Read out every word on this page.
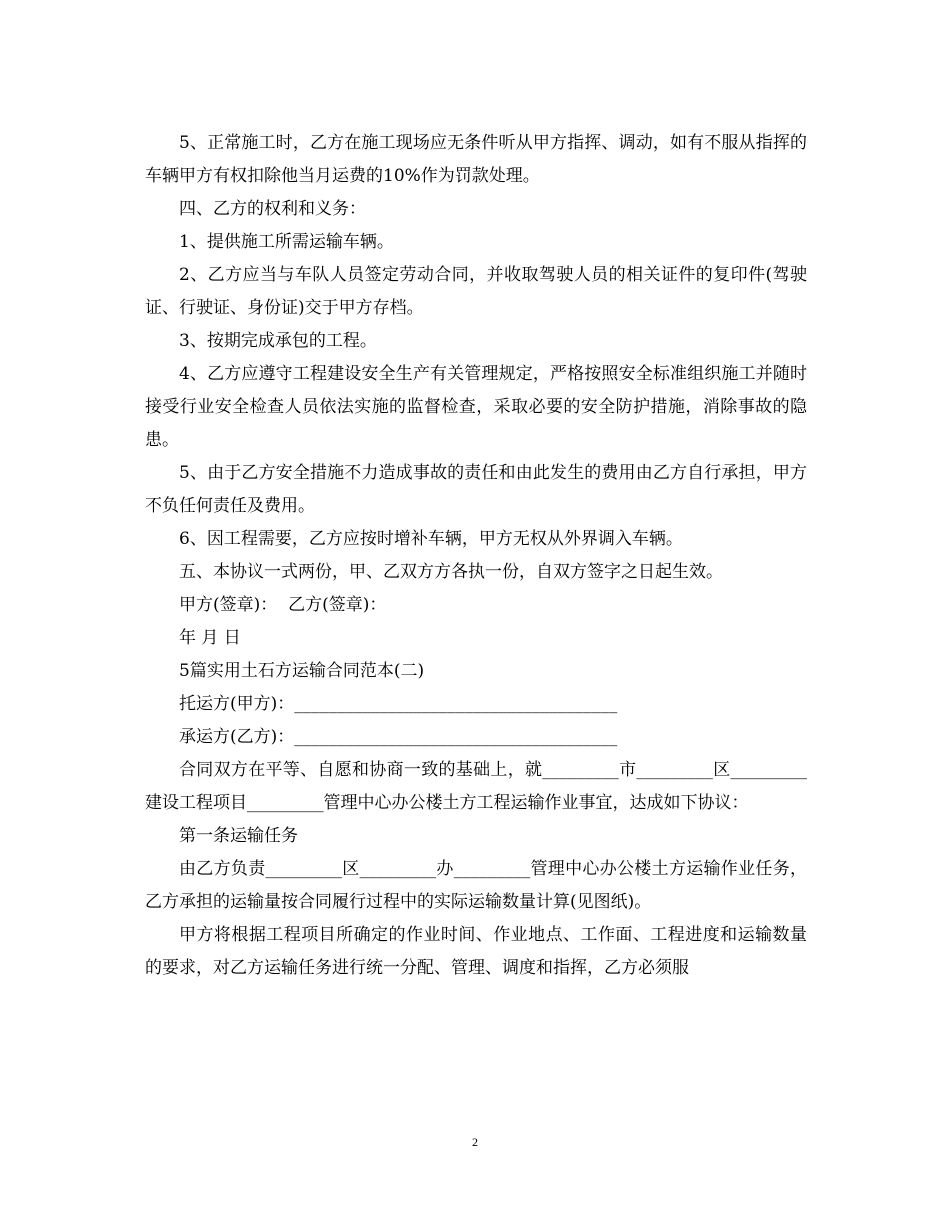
5、正常施工时，乙方在施工现场应无条件听从甲方指挥、调动，如有不服从指挥的车辆甲方有权扣除他当月运费的10%作为罚款处理。

四、乙方的权利和义务：

1、提供施工所需运输车辆。

2、乙方应当与车队人员签定劳动合同，并收取驾驶人员的相关证件的复印件(驾驶证、行驶证、身份证)交于甲方存档。

3、按期完成承包的工程。

4、乙方应遵守工程建设安全生产有关管理规定，严格按照安全标准组织施工并随时接受行业安全检查人员依法实施的监督检查，采取必要的安全防护措施，消除事故的隐患。

5、由于乙方安全措施不力造成事故的责任和由此发生的费用由乙方自行承担，甲方不负任何责任及费用。

6、因工程需要，乙方应按时增补车辆，甲方无权从外界调入车辆。

五、本协议一式两份，甲、乙双方方各执一份，自双方签字之日起生效。

甲方(签章)：  乙方(签章)：

年 月 日

5篇实用土石方运输合同范本(二)

托运方(甲方)：______________________________________

承运方(乙方)：______________________________________

合同双方在平等、自愿和协商一致的基础上，就_________市_________区_________建设工程项目_________管理中心办公楼土方工程运输作业事宜，达成如下协议：

第一条运输任务

由乙方负责_________区_________办_________管理中心办公楼土方运输作业任务，乙方承担的运输量按合同履行过程中的实际运输数量计算(见图纸)。

甲方将根据工程项目所确定的作业时间、作业地点、工作面、工程进度和运输数量的要求，对乙方运输任务进行统一分配、管理、调度和指挥，乙方必须服

2
